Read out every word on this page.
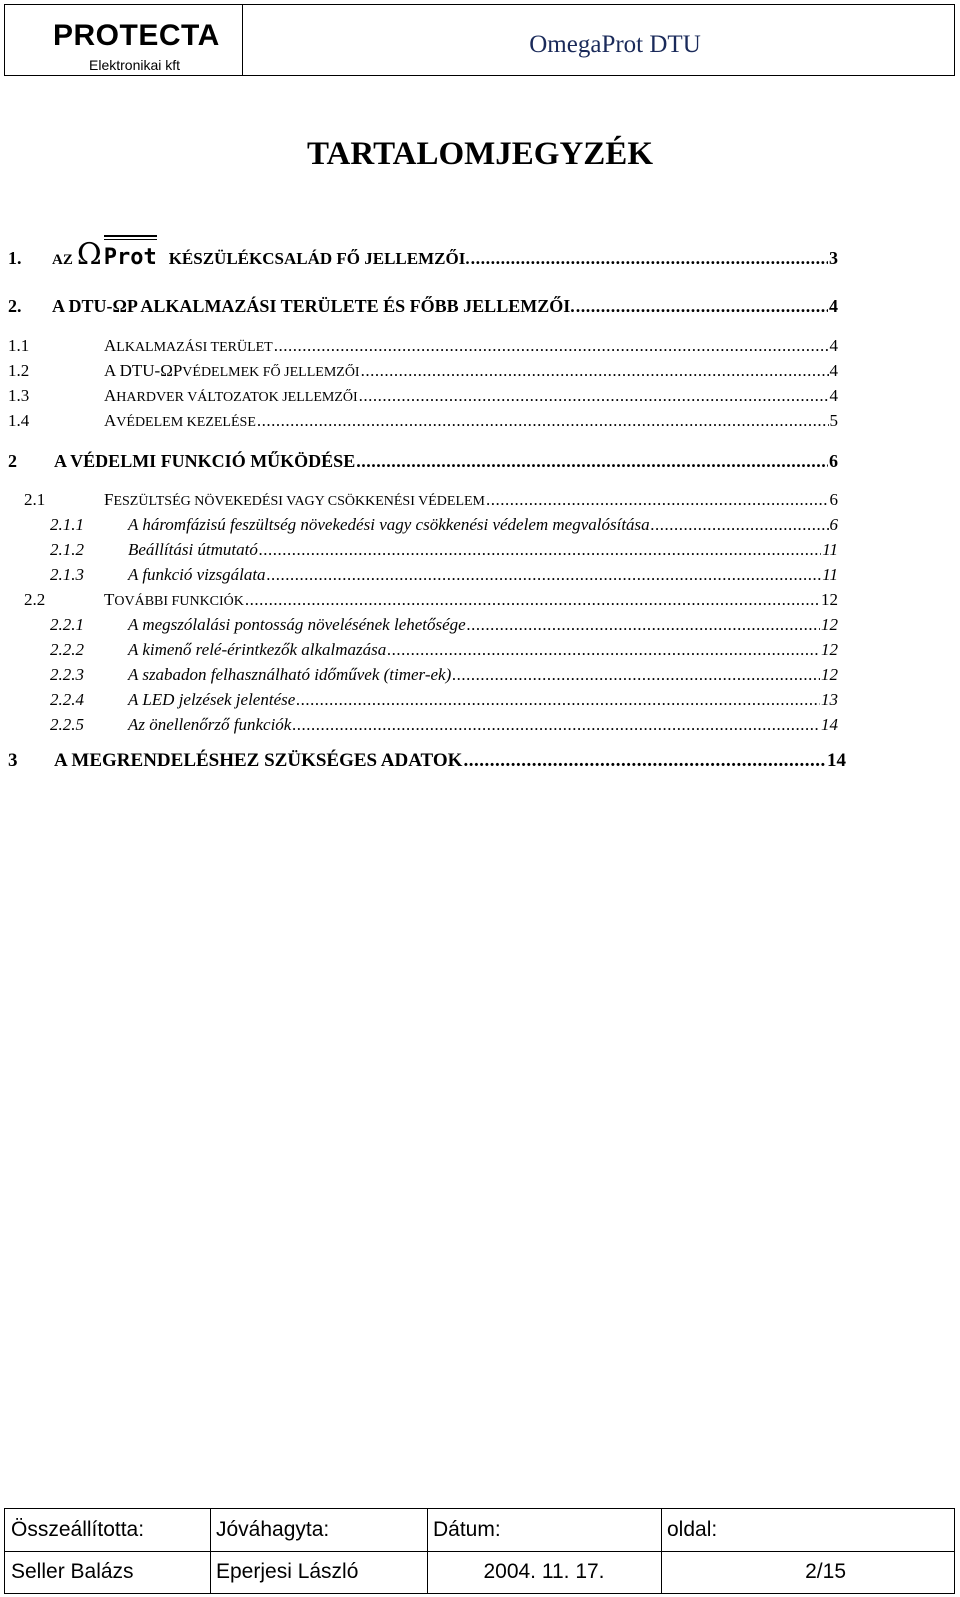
PROTECTA
Elektronikai kft
OmegaProt DTU
TARTALOMJEGYZÉK
1.	AZ Ω Prot KÉSZÜLÉKCSALÁD FŐ JELLEMZŐI. .....	3
2.	A DTU-ΩP ALKALMAZÁSI TERÜLETE ÉS FŐBB JELLEMZŐI. .....	4
1.1	A LKALMAZÁSI TERÜLET .....	4
1.2	A DTU-ΩP VÉDELMEK FŐ JELLEMZŐI .....	4
1.3	A HARDVER VÁLTOZATOK JELLEMZŐI .....	4
1.4	A VÉDELEM KEZELÉSE .....	5
2	A VÉDELMI FUNKCIÓ MŰKÖDÉSE .....	6
2.1	F ESZÜLTSÉG NÖVEKEDÉSI VAGY CSÖKKENÉSI VÉDELEM .....	6
2.1.1	A háromfázisú feszültség növekedési vagy csökkenési védelem megvalósítása .....	6
2.1.2	Beállítási útmutató .....	11
2.1.3	A funkció vizsgálata .....	11
2.2	T OVÁBBI FUNKCIÓK .....	12
2.2.1	A megszólalási pontosság növelésének lehetősége .....	12
2.2.2	A kimenő relé-érintkezők alkalmazása .....	12
2.2.3	A szabadon felhasználható időművek (timer-ek) .....	12
2.2.4	A LED jelzések jelentése .....	13
2.2.5	Az önellenőrző funkciók .....	14
3	A MEGRENDELÉSHEZ SZÜKSÉGES ADATOK .....	14
Összeállította:	Jóváhagyta:	Dátum:	oldal:
Seller Balázs	Eperjesi László	2004. 11. 17.	2/15
